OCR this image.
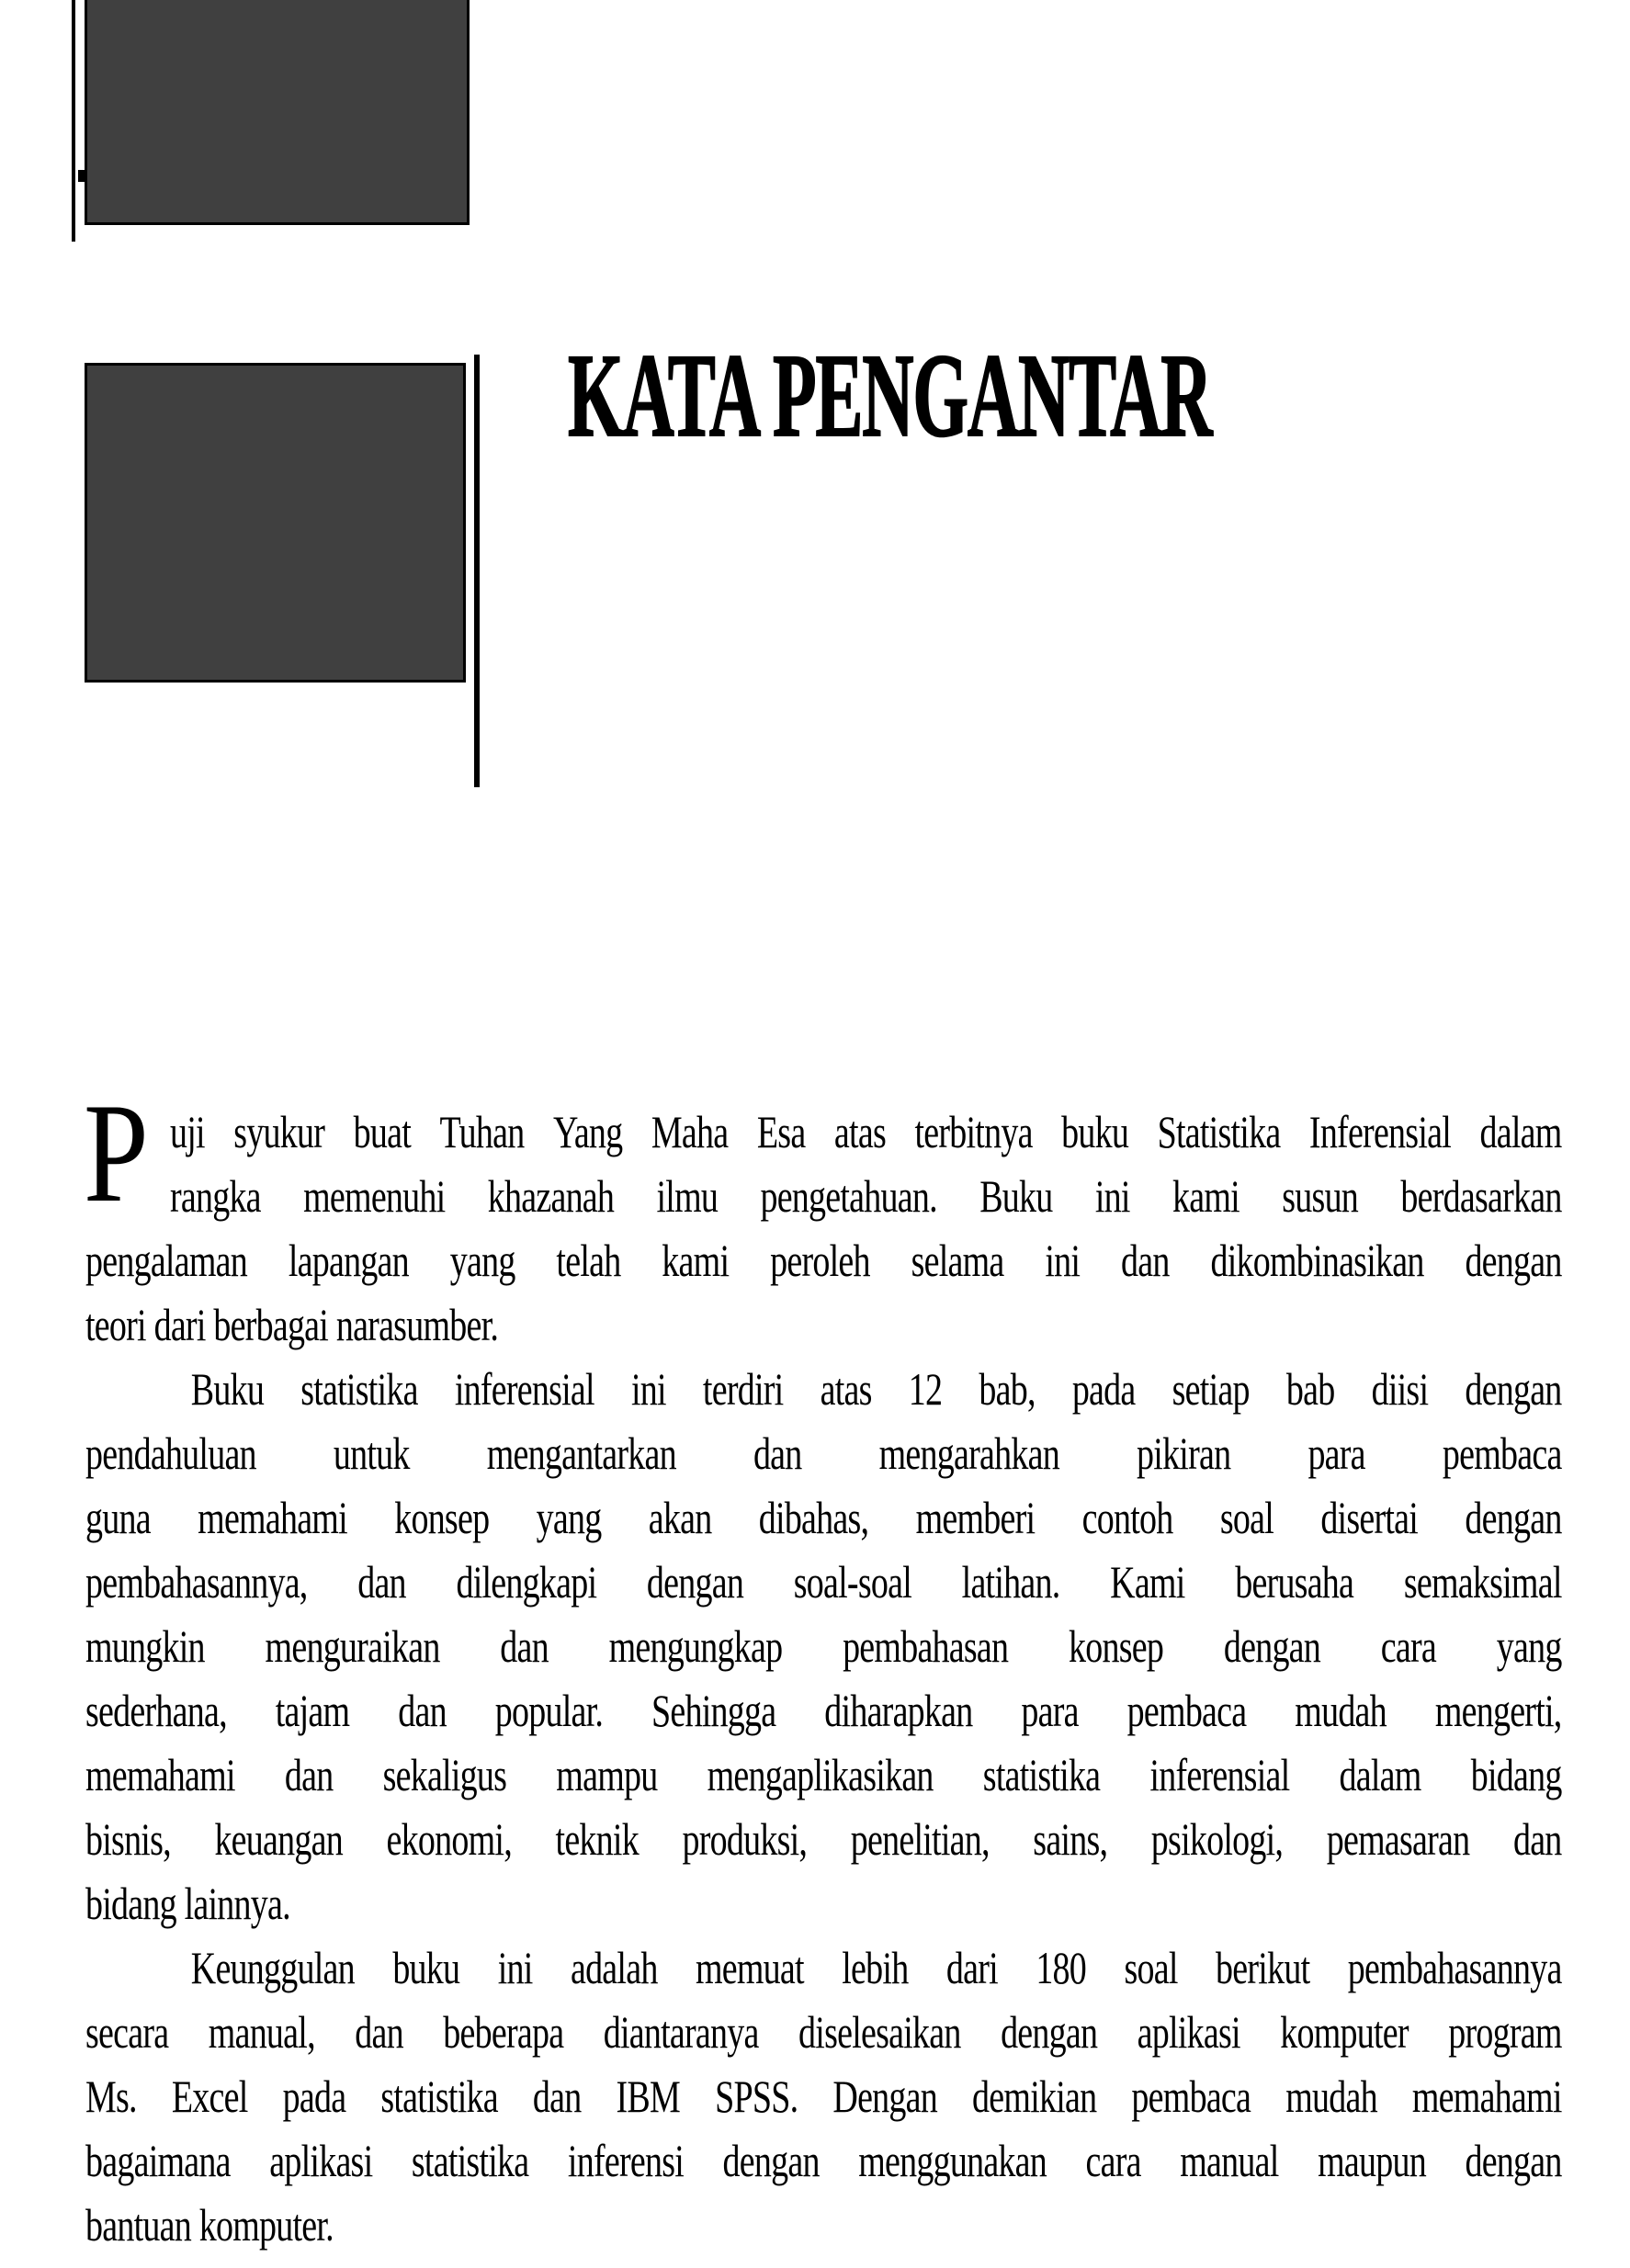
KATA PENGANTAR
P uji syukur buat Tuhan Yang Maha Esa atas terbitnya buku Statistika Inferensial dalam
rangka memenuhi khazanah ilmu pengetahuan. Buku ini kami susun berdasarkan
pengalaman lapangan yang telah kami peroleh selama ini dan dikombinasikan dengan
teori dari berbagai narasumber.
Buku statistika inferensial ini terdiri atas 12 bab, pada setiap bab diisi dengan
pendahuluan untuk mengantarkan dan mengarahkan pikiran para pembaca
guna memahami konsep yang akan dibahas, memberi contoh soal disertai dengan
pembahasannya, dan dilengkapi dengan soal-soal latihan. Kami berusaha semaksimal
mungkin menguraikan dan mengungkap pembahasan konsep dengan cara yang
sederhana, tajam dan popular. Sehingga diharapkan para pembaca mudah mengerti,
memahami dan sekaligus mampu mengaplikasikan statistika inferensial dalam bidang
bisnis, keuangan ekonomi, teknik produksi, penelitian, sains, psikologi, pemasaran dan
bidang lainnya.
Keunggulan buku ini adalah memuat lebih dari 180 soal berikut pembahasannya
secara manual, dan beberapa diantaranya diselesaikan dengan aplikasi komputer program
Ms. Excel pada statistika dan IBM SPSS. Dengan demikian pembaca mudah memahami
bagaimana aplikasi statistika inferensi dengan menggunakan cara manual maupun dengan
bantuan komputer.
